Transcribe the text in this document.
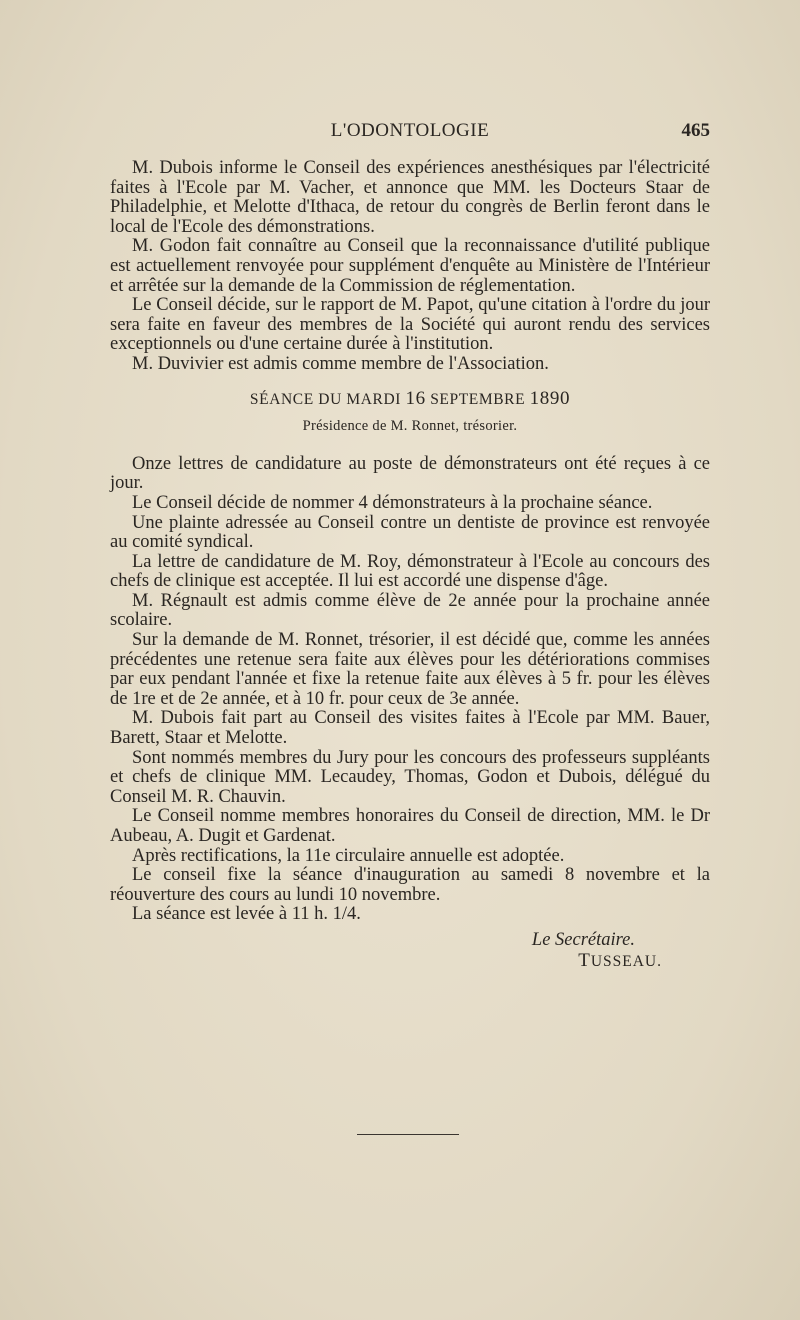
L'ODONTOLOGIE	465

M. Dubois informe le Conseil des expériences anesthésiques par l'électricité faites à l'Ecole par M. Vacher, et annonce que MM. les Docteurs Staar de Philadelphie, et Melotte d'Ithaca, de retour du congrès de Berlin feront dans le local de l'Ecole des démonstrations.

M. Godon fait connaître au Conseil que la reconnaissance d'utilité publique est actuellement renvoyée pour supplément d'enquête au Ministère de l'Intérieur et arrêtée sur la demande de la Commission de réglementation.

Le Conseil décide, sur le rapport de M. Papot, qu'une citation à l'ordre du jour sera faite en faveur des membres de la Société qui auront rendu des services exceptionnels ou d'une certaine durée à l'institution.

M. Duvivier est admis comme membre de l'Association.

SÉANCE DU MARDI 16 SEPTEMBRE 1890
Présidence de M. Ronnet, trésorier.

Onze lettres de candidature au poste de démonstrateurs ont été reçues à ce jour.

Le Conseil décide de nommer 4 démonstrateurs à la prochaine séance.

Une plainte adressée au Conseil contre un dentiste de province est renvoyée au comité syndical.

La lettre de candidature de M. Roy, démonstrateur à l'Ecole au concours des chefs de clinique est acceptée. Il lui est accordé une dispense d'âge.

M. Régnault est admis comme élève de 2e année pour la prochaine année scolaire.

Sur la demande de M. Ronnet, trésorier, il est décidé que, comme les années précédentes une retenue sera faite aux élèves pour les détériorations commises par eux pendant l'année et fixe la retenue faite aux élèves à 5 fr. pour les élèves de 1re et de 2e année, et à 10 fr. pour ceux de 3e année.

M. Dubois fait part au Conseil des visites faites à l'Ecole par MM. Bauer, Barett, Staar et Melotte.

Sont nommés membres du Jury pour les concours des professeurs suppléants et chefs de clinique MM. Lecaudey, Thomas, Godon et Dubois, délégué du Conseil M. R. Chauvin.

Le Conseil nomme membres honoraires du Conseil de direction, MM. le Dr Aubeau, A. Dugit et Gardenat.

Après rectifications, la 11e circulaire annuelle est adoptée.

Le conseil fixe la séance d'inauguration au samedi 8 novembre et la réouverture des cours au lundi 10 novembre.

La séance est levée à 11 h. 1/4.

Le Secrétaire.
TUSSEAU.
